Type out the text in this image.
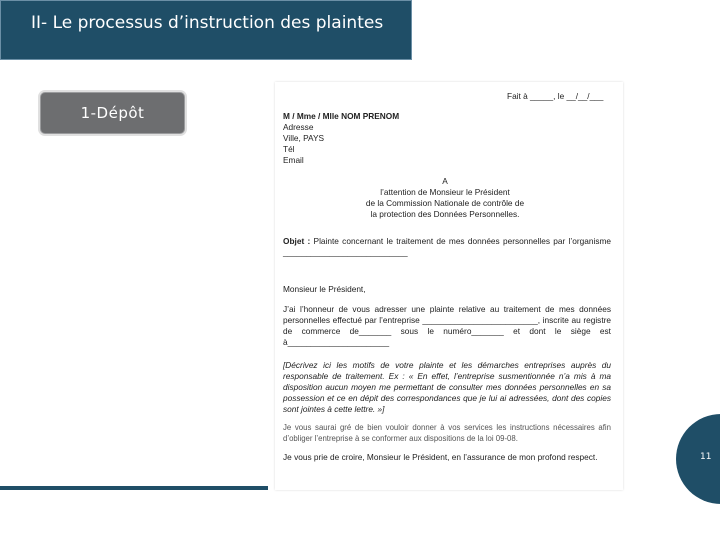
II- Le processus d’instruction des plaintes
1-Dépôt

Fait à _____, le __/__/___

M / Mme / Mlle NOM PRENOM
Adresse
Ville, PAYS
Tél
Email

A
l’attention de Monsieur le Président
de la Commission Nationale de contrôle de
la protection des Données Personnelles.

Objet : Plainte concernant le traitement de mes données personnelles par l’organisme ___________________________

Monsieur le Président,

J’ai l’honneur de vous adresser une plainte relative au traitement de mes données personnelles effectué par l’entreprise _________________________, inscrite au registre de commerce de_______ sous le numéro_______ et dont le siège est à______________________

[Décrivez ici les motifs de votre plainte et les démarches entreprises auprès du responsable de traitement. Ex : « En effet, l’entreprise susmentionnée n’a mis à ma disposition aucun moyen me permettant de consulter mes données personnelles en sa possession et ce en dépit des correspondances que je lui ai adressées, dont des copies sont jointes à cette lettre. »]

Je vous saurai gré de bien vouloir donner à vos services les instructions nécessaires afin d’obliger l’entreprise à se conformer aux dispositions de la loi 09-08.

Je vous prie de croire, Monsieur le Président, en l’assurance de mon profond respect.	11
